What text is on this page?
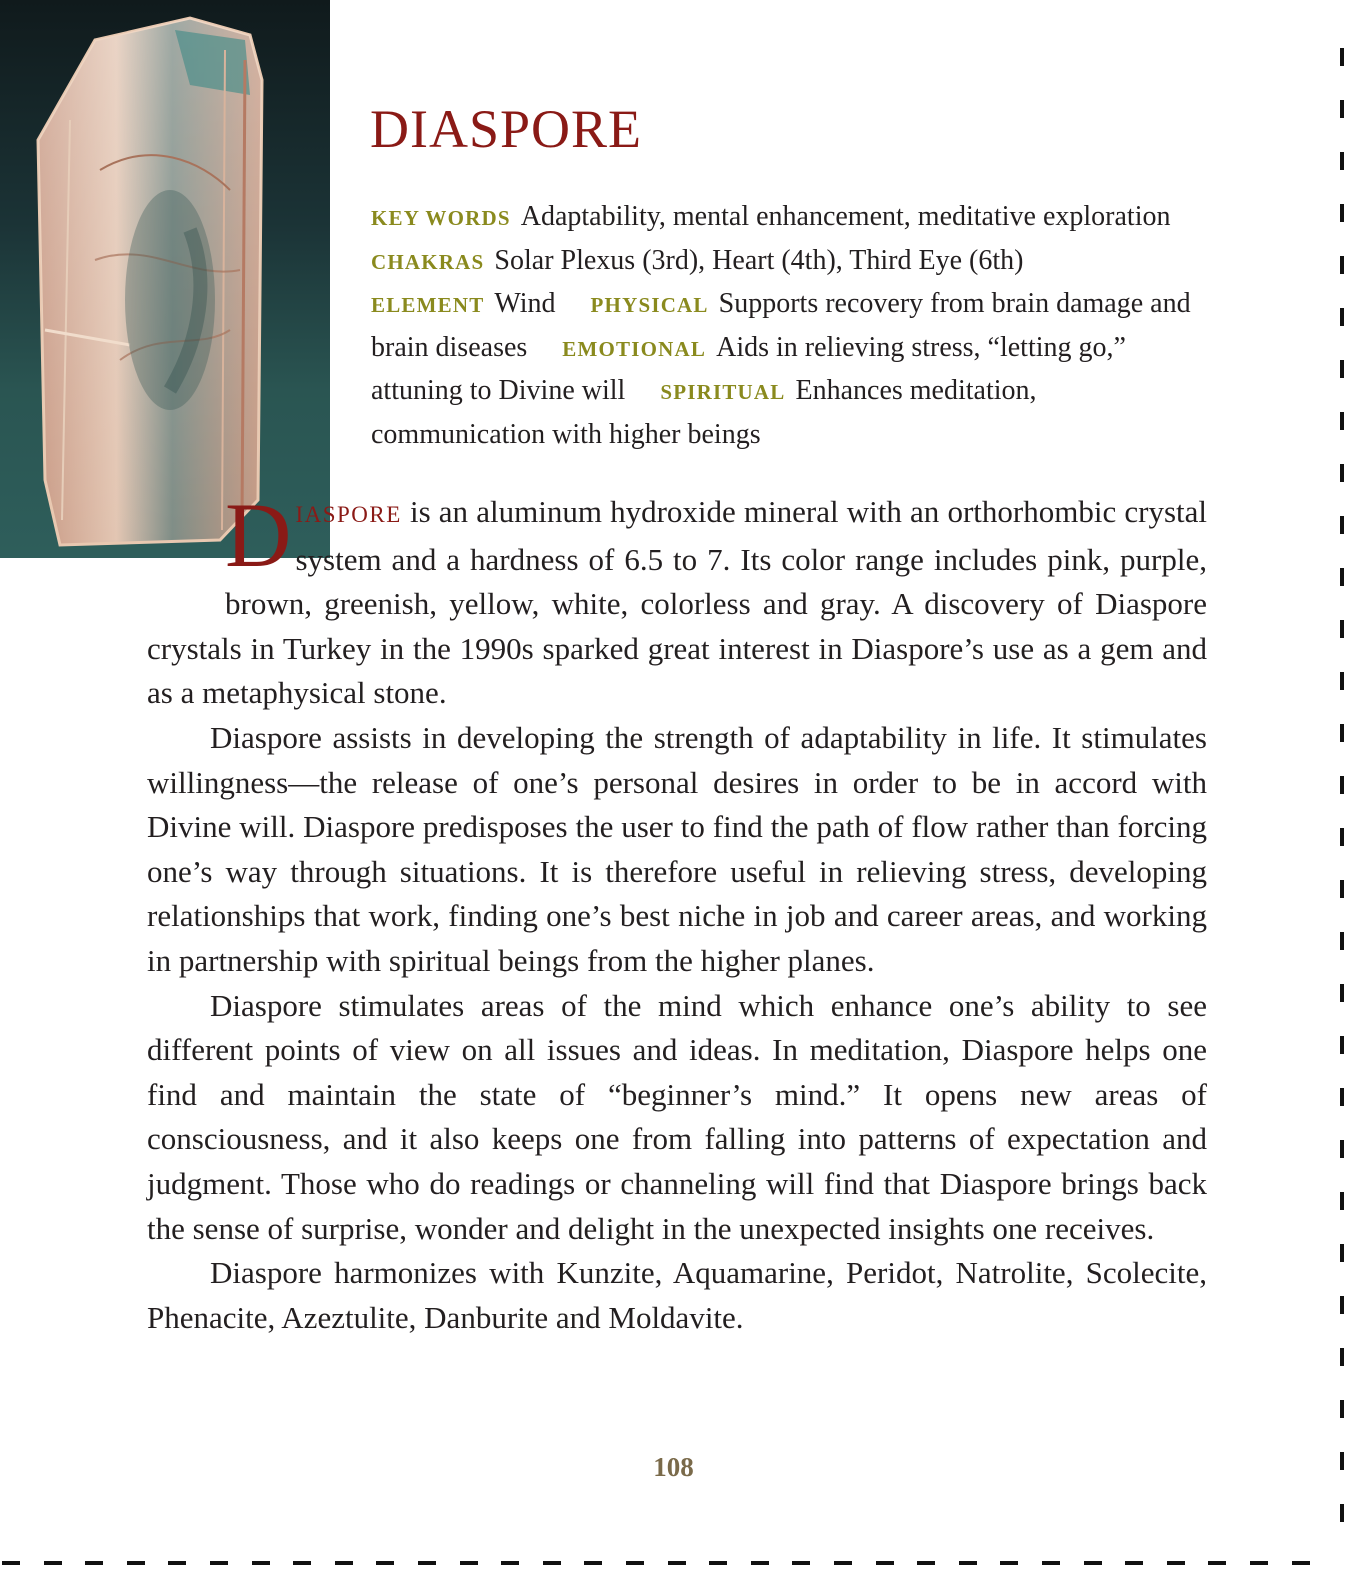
DIASPORE

KEY WORDS Adaptability, mental enhancement, meditative exploration CHAKRAS Solar Plexus (3rd), Heart (4th), Third Eye (6th) ELEMENT Wind PHYSICAL Supports recovery from brain damage and brain diseases EMOTIONAL Aids in relieving stress, “letting go,” attuning to Divine will SPIRITUAL Enhances meditation, communication with higher beings

DIASPORE is an aluminum hydroxide mineral with an orthorhombic crystal system and a hardness of 6.5 to 7. Its color range includes pink, purple, brown, greenish, yellow, white, colorless and gray. A discovery of Diaspore crystals in Turkey in the 1990s sparked great interest in Diaspore’s use as a gem and as a metaphysical stone.

Diaspore assists in developing the strength of adaptability in life. It stimulates willingness—the release of one’s personal desires in order to be in accord with Divine will. Diaspore predisposes the user to find the path of flow rather than forcing one’s way through situations. It is therefore useful in relieving stress, developing relationships that work, finding one’s best niche in job and career areas, and working in partnership with spiritual beings from the higher planes.

Diaspore stimulates areas of the mind which enhance one’s ability to see different points of view on all issues and ideas. In meditation, Diaspore helps one find and maintain the state of “beginner’s mind.” It opens new areas of consciousness, and it also keeps one from falling into patterns of expectation and judgment. Those who do readings or channeling will find that Diaspore brings back the sense of surprise, wonder and delight in the unexpected insights one receives.

Diaspore harmonizes with Kunzite, Aquamarine, Peridot, Natrolite, Scolecite, Phenacite, Azeztulite, Danburite and Moldavite.

108
